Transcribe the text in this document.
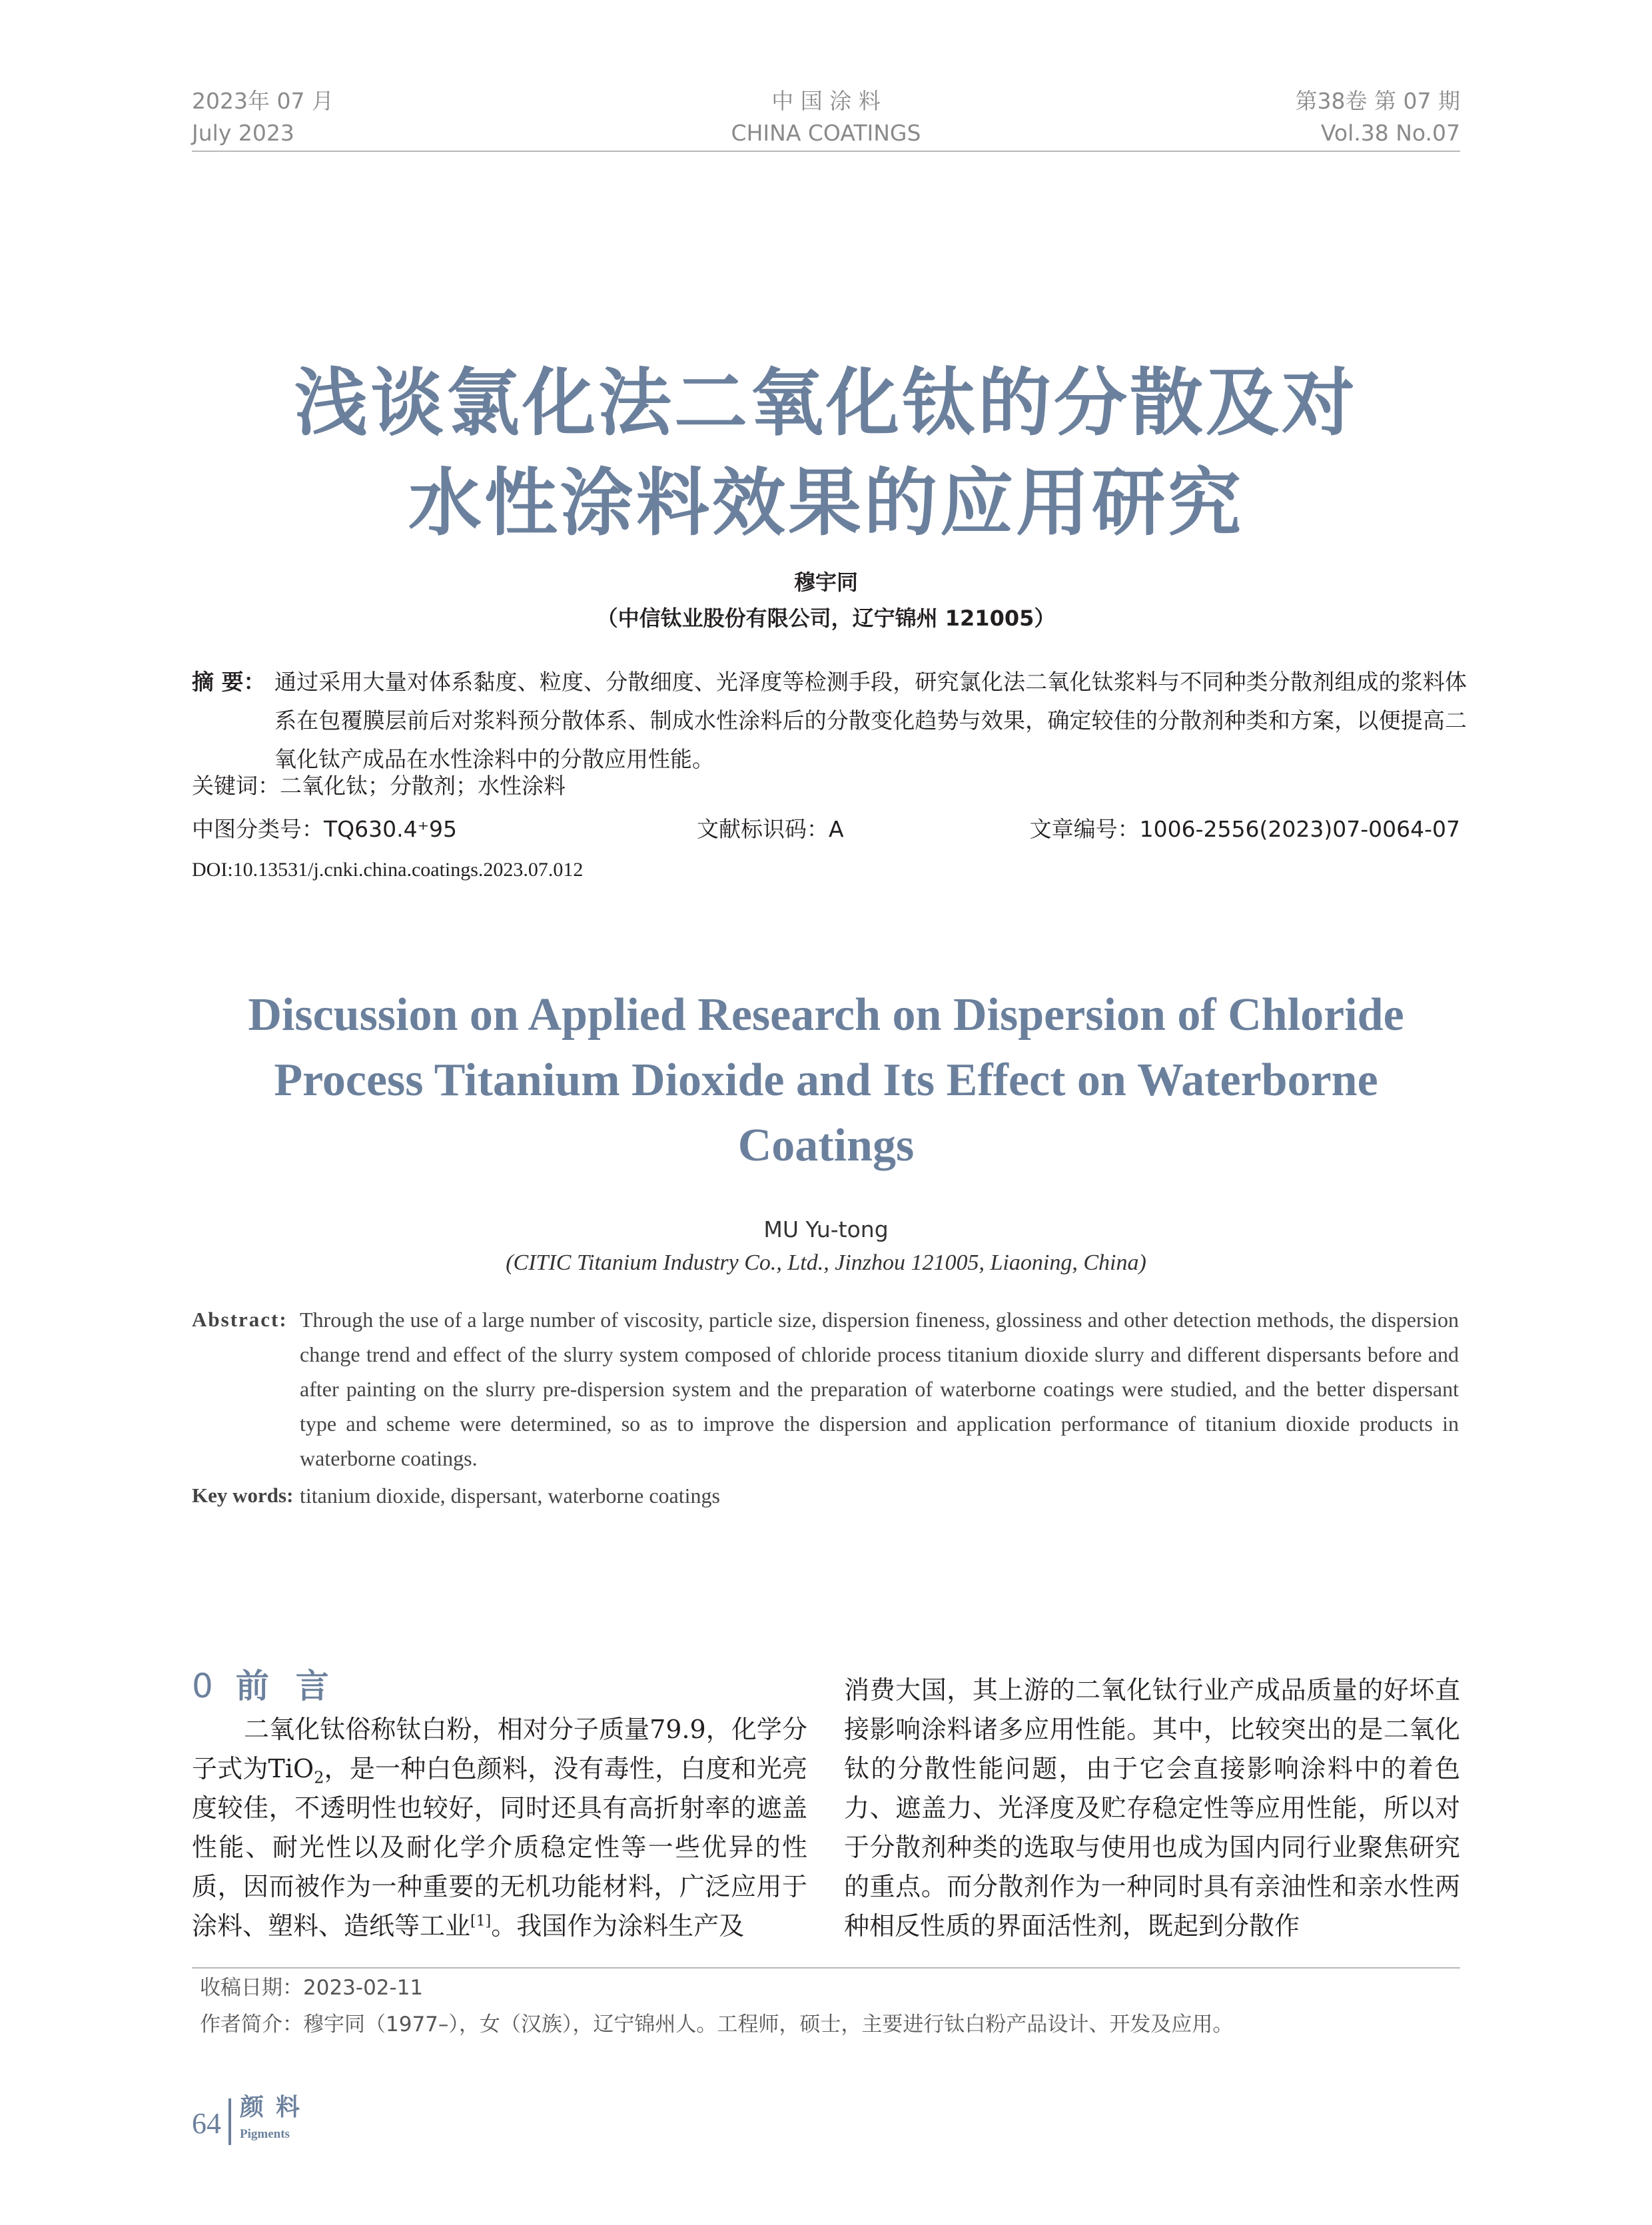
2023年 07 月
July 2023
中 国 涂 料
CHINA COATINGS
第38卷 第 07 期
Vol.38 No.07
浅谈氯化法二氧化钛的分散及对
水性涂料效果的应用研究
穆宇同
（中信钛业股份有限公司，辽宁锦州 121005）
摘 要： 通过采用大量对体系黏度、粒度、分散细度、光泽度等检测手段，研究氯化法二氧化钛浆料与不同种类分散剂组成的浆料体系在包覆膜层前后对浆料预分散体系、制成水性涂料后的分散变化趋势与效果，确定较佳的分散剂种类和方案，以便提高二氧化钛产成品在水性涂料中的分散应用性能。
关键词：二氧化钛；分散剂；水性涂料
中图分类号：TQ630.4⁺95	文献标识码：A	文章编号：1006-2556(2023)07-0064-07
DOI:10.13531/j.cnki.china.coatings.2023.07.012
Discussion on Applied Research on Dispersion of Chloride
Process Titanium Dioxide and Its Effect on Waterborne
Coatings
MU Yu-tong
(CITIC Titanium Industry Co., Ltd., Jinzhou 121005, Liaoning, China)
Abstract: Through the use of a large number of viscosity, particle size, dispersion fineness, glossiness and other detection methods, the dispersion change trend and effect of the slurry system composed of chloride process titanium dioxide slurry and different dispersants before and after painting on the slurry pre-dispersion system and the preparation of waterborne coatings were studied, and the better dispersant type and scheme were determined, so as to improve the dispersion and application performance of titanium dioxide products in waterborne coatings.
Key words: titanium dioxide, dispersant, waterborne coatings
0 前言
二氧化钛俗称钛白粉，相对分子质量79.9，化学分子式为TiO$_2$，是一种白色颜料，没有毒性，白度和光亮度较佳，不透明性也较好，同时还具有高折射率的遮盖性能、耐光性以及耐化学介质稳定性等一些优异的性质，因而被作为一种重要的无机功能材料，广泛应用于涂料、塑料、造纸等工业[1]。我国作为涂料生产及
消费大国，其上游的二氧化钛行业产成品质量的好坏直接影响涂料诸多应用性能。其中，比较突出的是二氧化钛的分散性能问题，由于它会直接影响涂料中的着色力、遮盖力、光泽度及贮存稳定性等应用性能，所以对于分散剂种类的选取与使用也成为国内同行业聚焦研究的重点。而分散剂作为一种同时具有亲油性和亲水性两种相反性质的界面活性剂，既起到分散作
收稿日期：2023-02-11
作者简介：穆宇同（1977–），女（汉族），辽宁锦州人。工程师，硕士，主要进行钛白粉产品设计、开发及应用。
64 颜料
Pigments
